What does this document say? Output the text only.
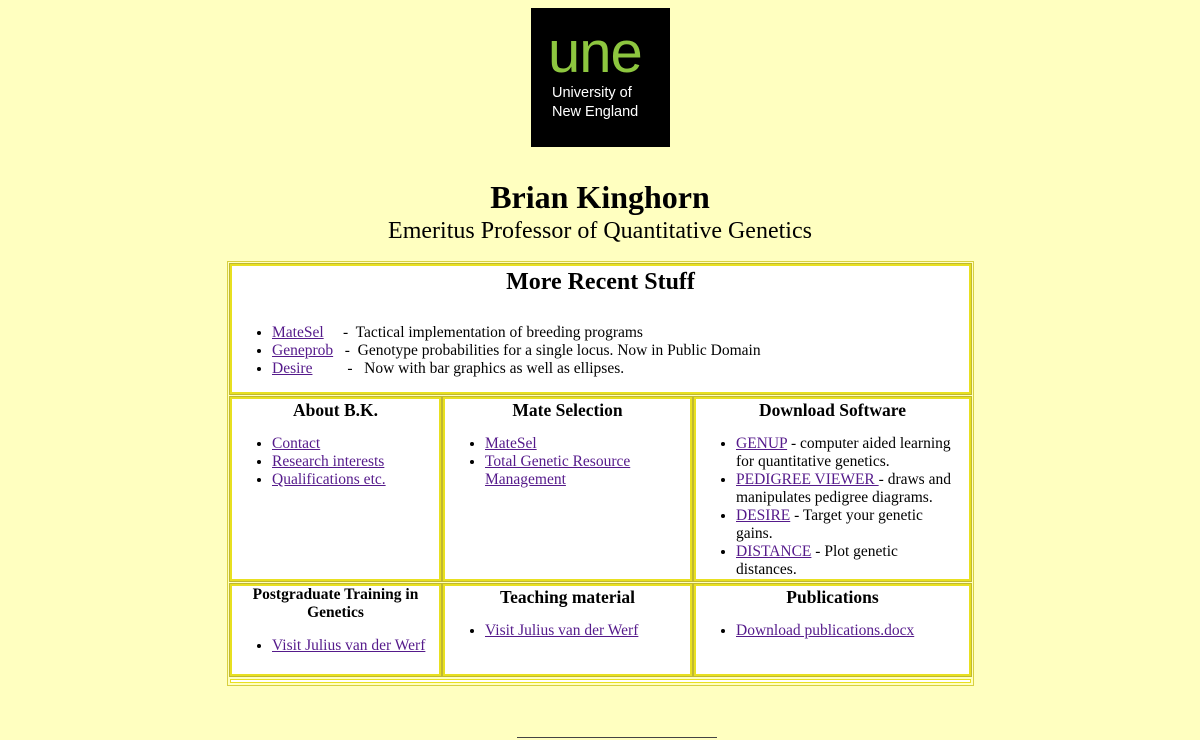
une
University of
New England
Brian Kinghorn

Emeritus Professor of Quantitative Genetics

More Recent Stuff
• MateSel     -  Tactical implementation of breeding programs
• Geneprob   -  Genotype probabilities for a single locus. Now in Public Domain
• Desire         -   Now with bar graphics as well as ellipses.
About B.K.
• Contact
• Research interests
• Qualifications etc.
Mate Selection
• MateSel
• Total Genetic Resource Management
Download Software
• GENUP - computer aided learning for quantitative genetics.
• PEDIGREE VIEWER - draws and manipulates pedigree diagrams.
• DESIRE - Target your genetic gains.
• DISTANCE - Plot genetic distances.
Postgraduate Training in Genetics
• Visit Julius van der Werf
Teaching material
• Visit Julius van der Werf
Publications
• Download publications.docx
